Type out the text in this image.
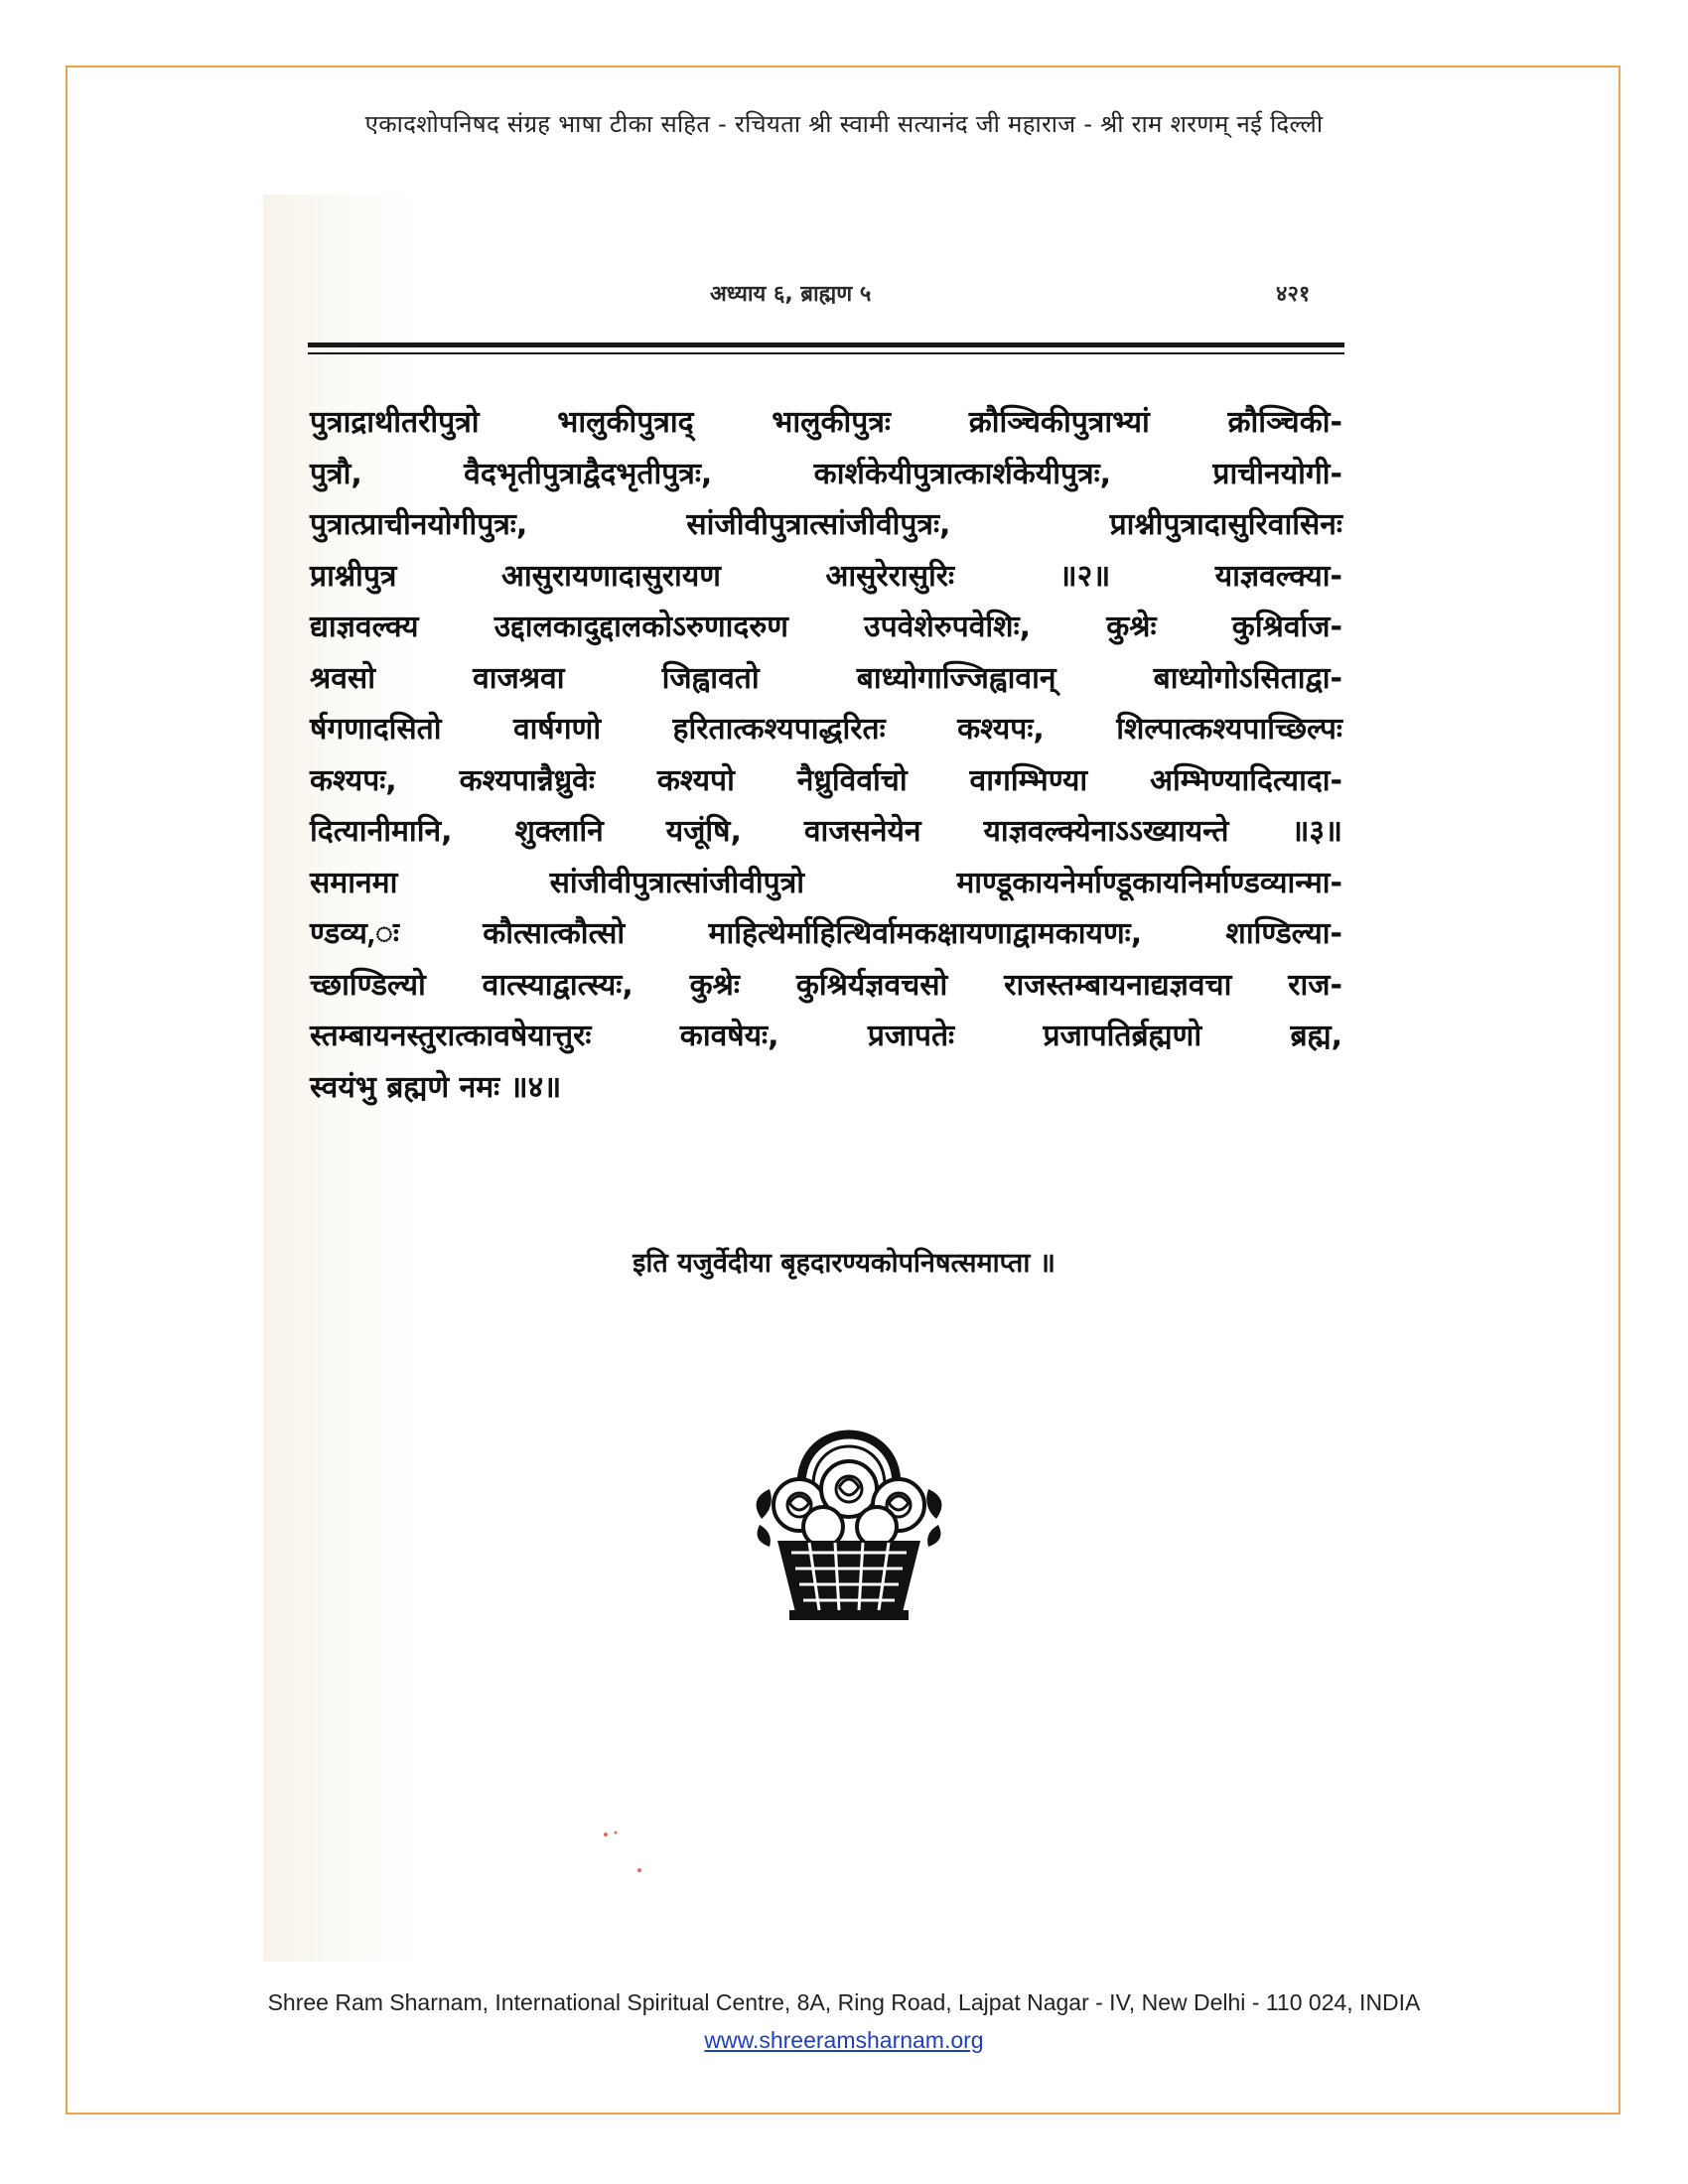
एकादशोपनिषद संग्रह भाषा टीका सहित - रचियता श्री स्वामी सत्यानंद जी महाराज - श्री राम शरणम् नई दिल्ली
अध्याय ६, ब्राह्मण ५	४२१
पुत्राद्राथीतरीपुत्रो भालुकीपुत्राद् भालुकीपुत्रः क्रौञ्चिकीपुत्राभ्यां क्रौञ्चिकी-
पुत्रौ, वैदभृतीपुत्राद्वैदभृतीपुत्रः, कार्शकेयीपुत्रात्कार्शकेयीपुत्रः, प्राचीनयोगी-
पुत्रात्प्राचीनयोगीपुत्रः, सांजीवीपुत्रात्सांजीवीपुत्रः, प्राश्नीपुत्रादासुरिवासिनः
प्राश्नीपुत्र आसुरायणादासुरायण आसुरेरासुरिः ॥२॥ याज्ञवल्क्या-
द्याज्ञवल्क्य उद्दालकादुद्दालकोऽरुणादरुण उपवेशेरुपवेशिः, कुश्रेः कुश्रिर्वाज-
श्रवसो वाजश्रवा जिह्वावतो बाध्योगाज्जिह्वावान् बाध्योगोऽसिताद्वा-
र्षगणादसितो वार्षगणो हरितात्कश्यपाद्धरितः कश्यपः, शिल्पात्कश्यपाच्छिल्पः
कश्यपः, कश्यपान्नैध्रुवेः कश्यपो नैध्रुविर्वाचो वागम्भिण्या अम्भिण्यादित्यादा-
दित्यानीमानि, शुक्लानि यजूंषि, वाजसनेयेन याज्ञवल्क्येनाऽऽख्यायन्ते ॥३॥
समानमा सांजीवीपुत्रात्सांजीवीपुत्रो माण्डूकायनेर्माण्डूकायनिर्माण्डव्यान्मा-
ण्डव्य,ः कौत्सात्कौत्सो माहित्थेर्माहित्थिर्वामकक्षायणाद्वामकायणः, शाण्डिल्या-
च्छाण्डिल्यो वात्स्याद्वात्स्यः, कुश्रेः कुश्रिर्यज्ञवचसो राजस्तम्बायनाद्यज्ञवचा राज-
स्तम्बायनस्तुरात्कावषेयात्तुरः कावषेयः, प्रजापतेः प्रजापतिर्ब्रह्मणो ब्रह्म,
स्वयंभु ब्रह्मणे नमः ॥४॥
इति यजुर्वेदीया बृहदारण्यकोपनिषत्समाप्ता ॥
Shree Ram Sharnam, International Spiritual Centre, 8A, Ring Road, Lajpat Nagar - IV, New Delhi - 110 024, INDIA
www.shreeramsharnam.org
